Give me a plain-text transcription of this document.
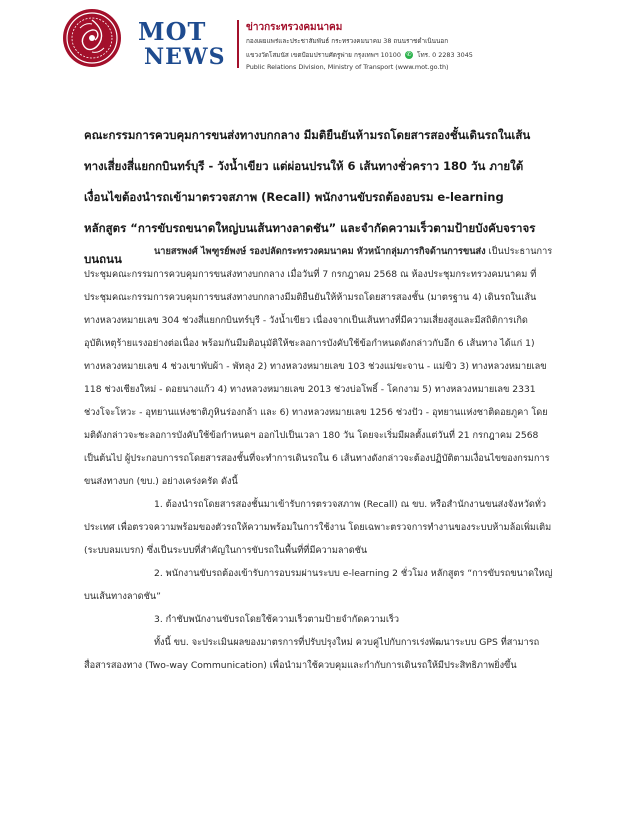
MOT
NEWS
ข่าวกระทรวงคมนาคม
กองเผยแพร่และประชาสัมพันธ์ กระทรวงคมนาคม 38 ถนนราชดำเนินนอก
แขวงวัดโสมนัส เขตป้อมปราบศัตรูพ่าย กรุงเทพฯ 10100 ✆ โทร. 0 2283 3045
Public Relations Division, Ministry of Transport (www.mot.go.th)
คณะกรรมการควบคุมการขนส่งทางบกกลาง มีมติยืนยันห้ามรถโดยสารสองชั้นเดินรถในเส้นทางเสี่ยงสี่แยกกบินทร์บุรี - วังน้ำเขียว แต่ผ่อนปรนให้ 6 เส้นทางชั่วคราว 180 วัน ภายใต้เงื่อนไขต้องนำรถเข้ามาตรวจสภาพ (Recall) พนักงานขับรถต้องอบรม e-learning หลักสูตร “การขับรถขนาดใหญ่บนเส้นทางลาดชัน” และจำกัดความเร็วตามป้ายบังคับจราจรบนถนน

นายสรพงศ์ ไพฑูรย์พงษ์ รองปลัดกระทรวงคมนาคม หัวหน้ากลุ่มภารกิจด้านการขนส่ง เป็นประธานการประชุมคณะกรรมการควบคุมการขนส่งทางบกกลาง เมื่อวันที่ 7 กรกฎาคม 2568 ณ ห้องประชุมกระทรวงคมนาคม ที่ประชุมคณะกรรมการควบคุมการขนส่งทางบกกลางมีมติยืนยันให้ห้ามรถโดยสารสองชั้น (มาตรฐาน 4) เดินรถในเส้นทางหลวงหมายเลข 304 ช่วงสี่แยกกบินทร์บุรี - วังน้ำเขียว เนื่องจากเป็นเส้นทางที่มีความเสี่ยงสูงและมีสถิติการเกิดอุบัติเหตุร้ายแรงอย่างต่อเนื่อง พร้อมกันมีมติอนุมัติให้ชะลอการบังคับใช้ข้อกำหนดดังกล่าวกับอีก 6 เส้นทาง ได้แก่ 1) ทางหลวงหมายเลข 4 ช่วงเขาพับผ้า - พัทลุง 2) ทางหลวงหมายเลข 103 ช่วงแม่ขะจาน - แม่ขิว 3) ทางหลวงหมายเลข 118 ช่วงเชียงใหม่ - ดอยนางแก้ว 4) ทางหลวงหมายเลข 2013 ช่วงบ่อโพธิ์ - โคกงาม 5) ทางหลวงหมายเลข 2331 ช่วงโจะโหวะ - อุทยานแห่งชาติภูหินร่องกล้า และ 6) ทางหลวงหมายเลข 1256 ช่วงปัว - อุทยานแห่งชาติดอยภูคา โดยมติดังกล่าวจะชะลอการบังคับใช้ข้อกำหนดฯ ออกไปเป็นเวลา 180 วัน โดยจะเริ่มมีผลตั้งแต่วันที่ 21 กรกฎาคม 2568 เป็นต้นไป ผู้ประกอบการรถโดยสารสองชั้นที่จะทำการเดินรถใน 6 เส้นทางดังกล่าวจะต้องปฏิบัติตามเงื่อนไขของกรมการขนส่งทางบก (ขบ.) อย่างเคร่งครัด ดังนี้

1. ต้องนำรถโดยสารสองชั้นมาเข้ารับการตรวจสภาพ (Recall) ณ ขบ. หรือสำนักงานขนส่งจังหวัดทั่วประเทศ เพื่อตรวจความพร้อมของตัวรถให้ความพร้อมในการใช้งาน โดยเฉพาะตรวจการทำงานของระบบห้ามล้อเพิ่มเติม (ระบบลมเบรก) ซึ่งเป็นระบบที่สำคัญในการขับรถในพื้นที่ที่มีความลาดชัน

2. พนักงานขับรถต้องเข้ารับการอบรมผ่านระบบ e-learning 2 ชั่วโมง หลักสูตร “การขับรถขนาดใหญ่บนเส้นทางลาดชัน”

3. กำชับพนักงานขับรถโดยใช้ความเร็วตามป้ายจำกัดความเร็ว

ทั้งนี้ ขบ. จะประเมินผลของมาตรการที่ปรับปรุงใหม่ ควบคู่ไปกับการเร่งพัฒนาระบบ GPS ที่สามารถสื่อสารสองทาง (Two-way Communication) เพื่อนำมาใช้ควบคุมและกำกับการเดินรถให้มีประสิทธิภาพยิ่งขึ้น
